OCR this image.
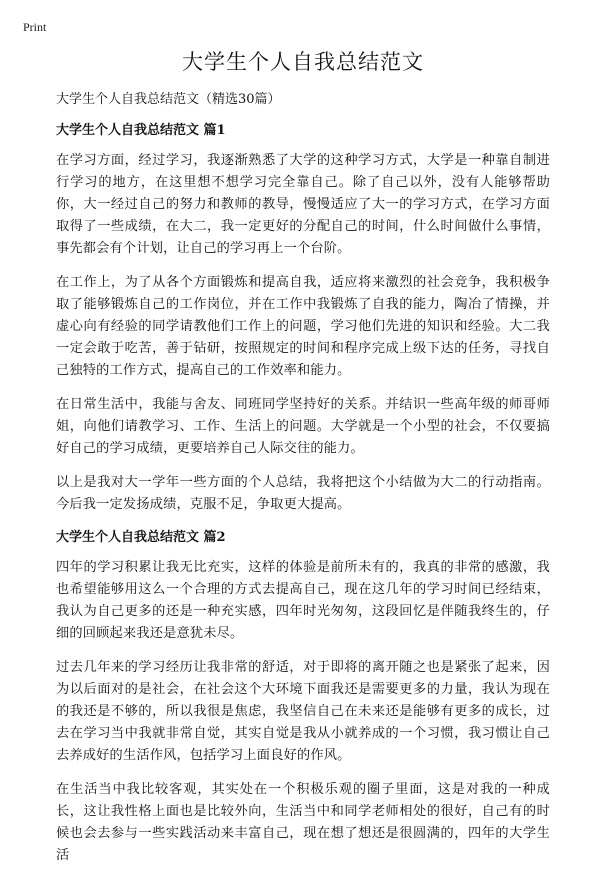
Print
大学生个人自我总结范文
大学生个人自我总结范文（精选30篇）
大学生个人自我总结范文 篇1

在学习方面，经过学习，我逐渐熟悉了大学的这种学习方式，大学是一种靠自制进行学习的地方，在这里想不想学习完全靠自己。除了自己以外，没有人能够帮助你，大一经过自己的努力和教师的教导，慢慢适应了大一的学习方式，在学习方面取得了一些成绩，在大二，我一定更好的分配自己的时间，什么时间做什么事情，事先都会有个计划，让自己的学习再上一个台阶。

在工作上，为了从各个方面锻炼和提高自我，适应将来激烈的社会竞争，我积极争取了能够锻炼自己的工作岗位，并在工作中我锻炼了自我的能力，陶冶了情操，并虚心向有经验的同学请教他们工作上的问题，学习他们先进的知识和经验。大二我一定会敢于吃苦，善于钻研，按照规定的时间和程序完成上级下达的任务，寻找自己独特的工作方式，提高自己的工作效率和能力。

在日常生活中，我能与舍友、同班同学坚持好的关系。并结识一些高年级的师哥师姐，向他们请教学习、工作、生活上的问题。大学就是一个小型的社会，不仅要搞好自己的学习成绩，更要培养自己人际交往的能力。

以上是我对大一学年一些方面的个人总结，我将把这个小结做为大二的行动指南。今后我一定发扬成绩，克服不足，争取更大提高。

大学生个人自我总结范文 篇2

四年的学习积累让我无比充实，这样的体验是前所未有的，我真的非常的感激，我也希望能够用这么一个合理的方式去提高自己，现在这几年的学习时间已经结束，我认为自己更多的还是一种充实感，四年时光匆匆，这段回忆是伴随我终生的，仔细的回顾起来我还是意犹未尽。

过去几年来的学习经历让我非常的舒适，对于即将的离开随之也是紧张了起来，因为以后面对的是社会，在社会这个大环境下面我还是需要更多的力量，我认为现在的我还是不够的，所以我很是焦虑，我坚信自己在未来还是能够有更多的成长，过去在学习当中我就非常自觉，其实自觉是我从小就养成的一个习惯，我习惯让自己去养成好的生活作风，包括学习上面良好的作风。

在生活当中我比较客观，其实处在一个积极乐观的圈子里面，这是对我的一种成长，这让我性格上面也是比较外向，生活当中和同学老师相处的很好，自己有的时候也会去参与一些实践活动来丰富自己，现在想了想还是很圆满的，四年的大学生活
